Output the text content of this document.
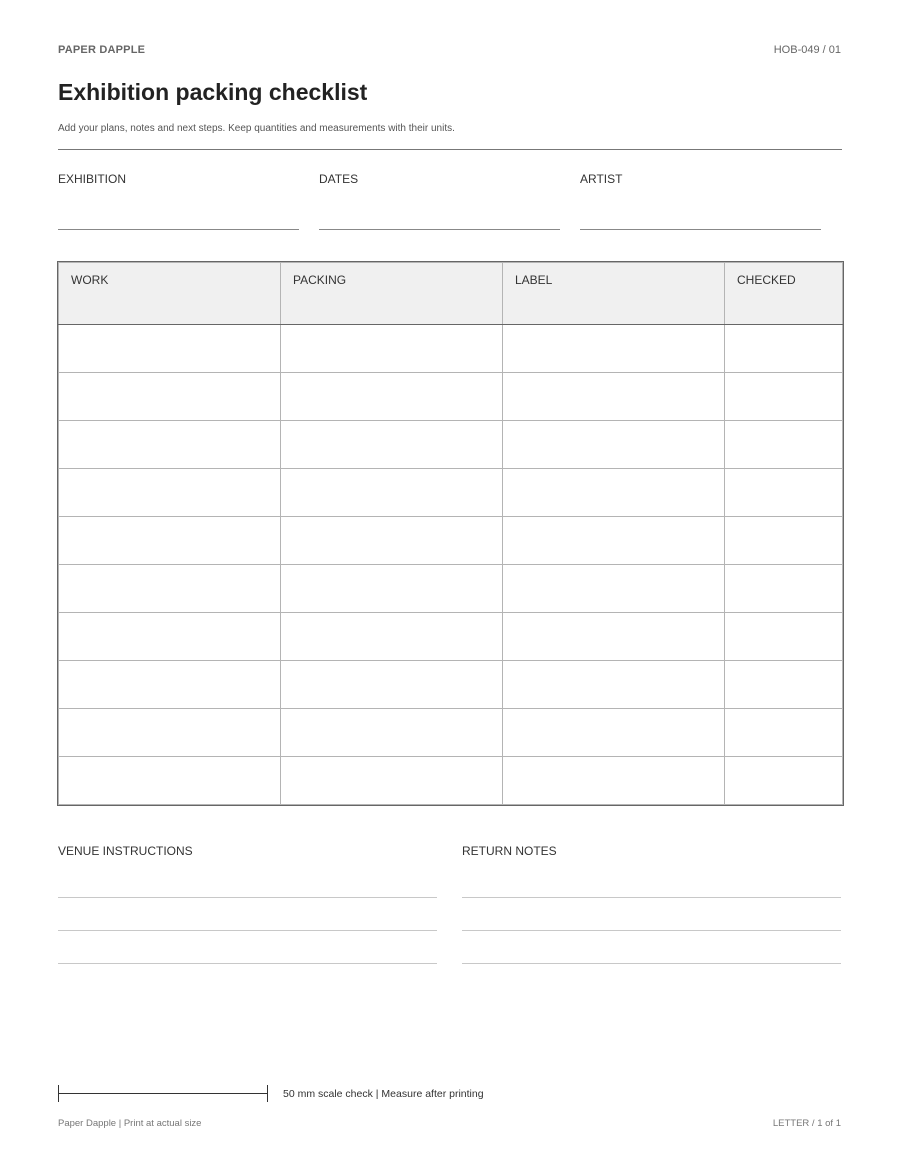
PAPER DAPPLE	HOB-049 / 01
Exhibition packing checklist
Add your plans, notes and next steps. Keep quantities and measurements with their units.
EXHIBITION	DATES	ARTIST
WORK	PACKING	LABEL	CHECKED

VENUE INSTRUCTIONS	RETURN NOTES
50 mm scale check | Measure after printing
Paper Dapple | Print at actual size	LETTER / 1 of 1
